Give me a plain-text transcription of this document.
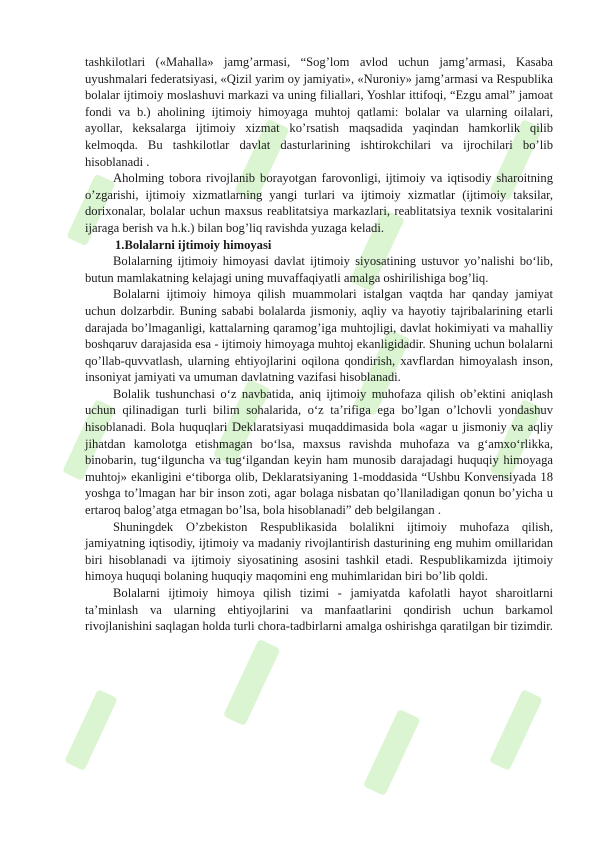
tashkilotlari («Mahalla» jamg’armasi, “Sog’lom avlod uchun jamg’armasi, Kasaba uyushmalari federatsiyasi, «Qizil yarim oy jamiyati», «Nuroniy» jamg’armasi va Respublika bolalar ijtimoiy moslashuvi markazi va uning filiallari, Yoshlar ittifoqi, “Ezgu amal” jamoat fondi va b.) aholining ijtimoiy himoyaga muhtoj qatlami: bolalar va ularning oilalari, ayollar, keksalarga ijtimoiy xizmat ko’rsatish maqsadida yaqindan hamkorlik qilib kelmoqda. Bu tashkilotlar davlat dasturlarining ishtirokchilari va ijrochilari bo’lib hisoblanadi .

Aholming tobora rivojlanib borayotgan farovonligi, ijtimoiy va iqtisodiy sharoitning o’zgarishi, ijtimoiy xizmatlarning yangi turlari va ijtimoiy xizmatlar (ijtimoiy taksilar, dorixonalar, bolalar uchun maxsus reablitatsiya markazlari, reablitatsiya texnik vositalarini ijaraga berish va h.k.) bilan bog’liq ravishda yuzaga keladi.

1.Bolalarni ijtimoiy himoyasi

Bolalarning ijtimoiy himoyasi davlat ijtimoiy siyosatining ustuvor yo’nalishi bo‘lib, butun mamlakatning kelajagi uning muvaffaqiyatli amalga oshirilishiga bog’liq.

Bolalarni ijtimoiy himoya qilish muammolari istalgan vaqtda har qanday jamiyat uchun dolzarbdir. Buning sababi bolalarda jismoniy, aqliy va hayotiy tajribalarining etarli darajada bo’lmaganligi, kattalarning qaramog’iga muhtojligi, davlat hokimiyati va mahalliy boshqaruv darajasida esa - ijtimoiy himoyaga muhtoj ekanligidadir. Shuning uchun bolalarni qo’llab-quvvatlash, ularning ehtiyojlarini oqilona qondirish, xavflardan himoyalash inson, insoniyat jamiyati va umuman davlatning vazifasi hisoblanadi.

Bolalik tushunchasi o‘z navbatida, aniq ijtimoiy muhofaza qilish ob’ektini aniqlash uchun qilinadigan turli bilim sohalarida, o‘z ta’rifiga ega bo’lgan o’lchovli yondashuv hisoblanadi. Bola huquqlari Deklaratsiyasi muqaddimasida bola «agar u jismoniy va aqliy jihatdan kamolotga etishmagan bo‘lsa, maxsus ravishda muhofaza va g‘amxo‘rlikka, binobarin, tug‘ilguncha va tug‘ilgandan keyin ham munosib darajadagi huquqiy himoyaga muhtoj» ekanligini e‘tiborga olib, Deklaratsiyaning 1-moddasida “Ushbu Konvensiyada 18 yoshga to’lmagan har bir inson zoti, agar bolaga nisbatan qo’llaniladigan qonun bo’yicha u ertaroq balog’atga etmagan bo’lsa, bola hisoblanadi” deb belgilangan .

Shuningdek O’zbekiston Respublikasida bolalikni ijtimoiy muhofaza qilish, jamiyatning iqtisodiy, ijtimoiy va madaniy rivojlantirish dasturining eng muhim omillaridan biri hisoblanadi va ijtimoiy siyosatining asosini tashkil etadi. Respublikamizda ijtimoiy himoya huquqi bolaning huquqiy maqomini eng muhimlaridan biri bo’lib qoldi.

Bolalarni ijtimoiy himoya qilish tizimi - jamiyatda kafolatli hayot sharoitlarni ta’minlash va ularning ehtiyojlarini va manfaatlarini qondirish uchun barkamol rivojlanishini saqlagan holda turli chora-tadbirlarni amalga oshirishga qaratilgan bir tizimdir.
